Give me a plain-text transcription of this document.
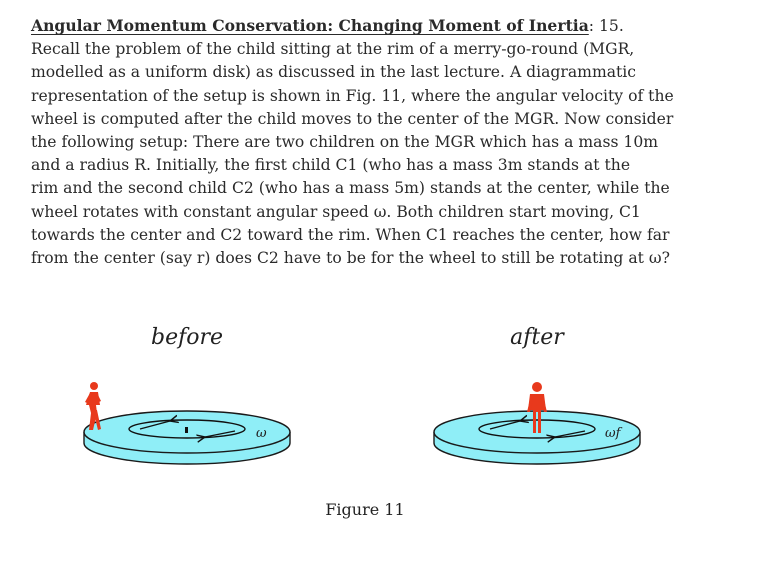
Angular Momentum Conservation: Changing Moment of Inertia: 15.
Recall the problem of the child sitting at the rim of a merry-go-round (MGR,
modelled as a uniform disk) as discussed in the last lecture. A diagrammatic
representation of the setup is shown in Fig. 11, where the angular velocity of the
wheel is computed after the child moves to the center of the MGR. Now consider
the following setup: There are two children on the MGR which has a mass 10m
and a radius R. Initially, the first child C1 (who has a mass 3m stands at the
rim and the second child C2 (who has a mass 5m) stands at the center, while the
wheel rotates with constant angular speed ω. Both children start moving, C1
towards the center and C2 toward the rim. When C1 reaches the center, how far
from the center (say r) does C2 have to be for the wheel to still be rotating at ω?
before
ω
after
ωf
Figure 11
